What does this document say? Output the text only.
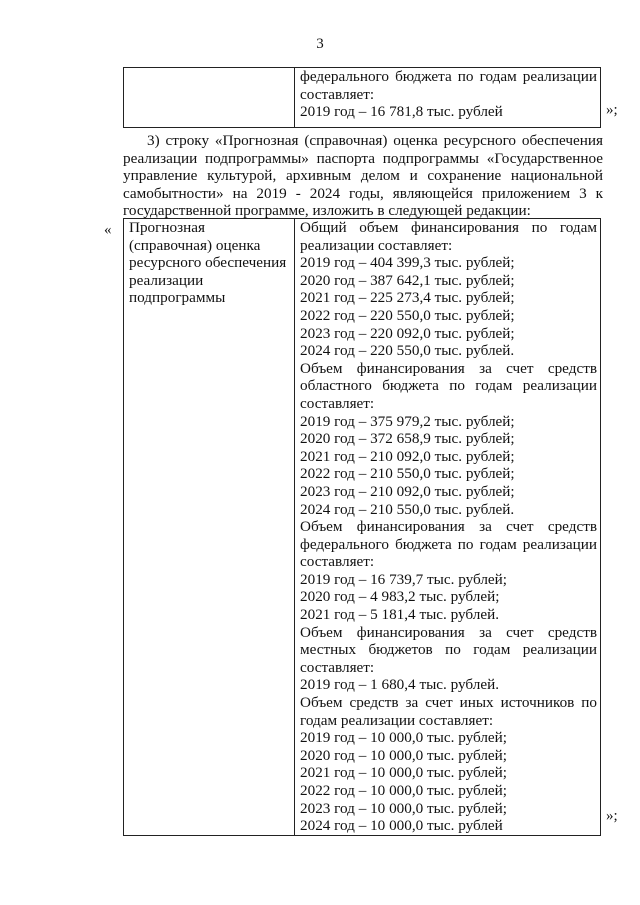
3

федерального бюджета по годам реализации
составляет:
2019 год – 16 781,8 тыс. рублей	»;
3) строку «Прогнозная (справочная) оценка ресурсного обеспечения
реализации подпрограммы» паспорта подпрограммы «Государственное
управление культурой, архивным делом и сохранение национальной
самобытности» на 2019 - 2024 годы, являющейся приложением 3 к
государственной программе, изложить в следующей редакции:
« Прогнозная
(справочная) оценка
ресурсного обеспечения
реализации
подпрограммы

Общий объем финансирования по годам
реализации составляет:
2019 год – 404 399,3 тыс. рублей;
2020 год – 387 642,1 тыс. рублей;
2021 год – 225 273,4 тыс. рублей;
2022 год – 220 550,0 тыс. рублей;
2023 год – 220 092,0 тыс. рублей;
2024 год – 220 550,0 тыс. рублей.
Объем финансирования за счет средств
областного бюджета по годам реализации
составляет:
2019 год – 375 979,2 тыс. рублей;
2020 год – 372 658,9 тыс. рублей;
2021 год – 210 092,0 тыс. рублей;
2022 год – 210 550,0 тыс. рублей;
2023 год – 210 092,0 тыс. рублей;
2024 год – 210 550,0 тыс. рублей.
Объем финансирования за счет средств
федерального бюджета по годам реализации
составляет:
2019 год – 16 739,7 тыс. рублей;
2020 год – 4 983,2 тыс. рублей;
2021 год – 5 181,4 тыс. рублей.
Объем финансирования за счет средств
местных бюджетов по годам реализации
составляет:
2019 год – 1 680,4 тыс. рублей.
Объем средств за счет иных источников по
годам реализации составляет:
2019 год – 10 000,0 тыс. рублей;
2020 год – 10 000,0 тыс. рублей;
2021 год – 10 000,0 тыс. рублей;
2022 год – 10 000,0 тыс. рублей;
2023 год – 10 000,0 тыс. рублей;
2024 год – 10 000,0 тыс. рублей
»;
